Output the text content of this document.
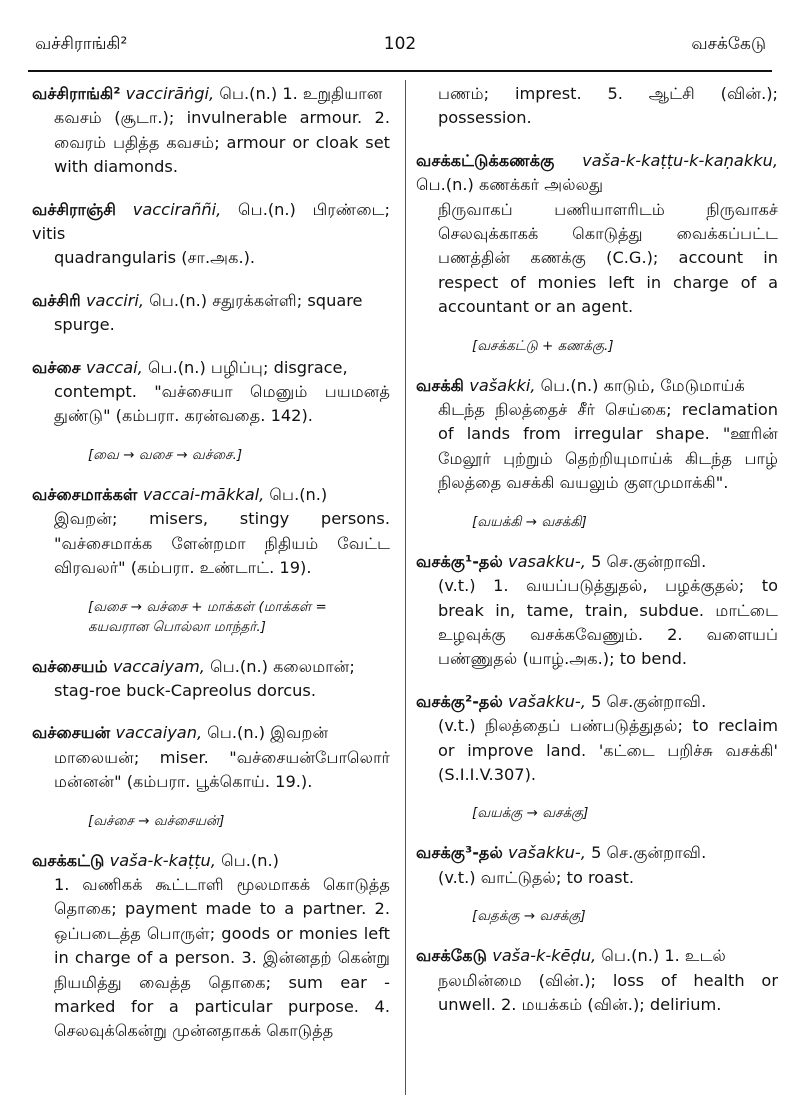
வச்சிராங்கி²	102	வசக்கேடு
வச்சிராங்கி² vaccirāṅgi, பெ.(n.) 1. உறுதியான
கவசம் (சூடா.); invulnerable armour. 2. வைரம் பதித்த கவசம்; armour or cloak set with diamonds.
வச்சிராஞ்சி vacciraññi, பெ.(n.) பிரண்டை; vitis
quadrangularis (சா.அக.).
வச்சிரி vacciri, பெ.(n.) சதுரக்கள்ளி; square
spurge.
வச்சை vaccai, பெ.(n.) பழிப்பு; disgrace,
contempt. "வச்சையா மெனும் பயமனத் துண்டு" (கம்பரா. கரன்வதை. 142).
[வை → வசை → வச்சை.]
வச்சைமாக்கள் vaccai-mākkal, பெ.(n.)
இவறன்; misers, stingy persons. "வச்சைமாக்க ளேன்றமா நிதியம் வேட்ட விரவலர்" (கம்பரா. உண்டாட். 19).
[வசை → வச்சை + மாக்கள் (மாக்கள் = கயவரான பொல்லா மாந்தர்.]
வச்சையம் vaccaiyam, பெ.(n.) கலைமான்;
stag-roe buck-Capreolus dorcus.
வச்சையன் vaccaiyan, பெ.(n.) இவறன்
மாலையன்; miser. "வச்சையன்போலொர் மன்னன்" (கம்பரா. பூக்கொய். 19.).
[வச்சை → வச்சையன்]
வசக்கட்டு vaša-k-kaṭṭu, பெ.(n.)
1. வணிகக் கூட்டாளி மூலமாகக் கொடுத்த தொகை; payment made to a partner. 2. ஒப்படைத்த பொருள்; goods or monies left in charge of a person. 3. இன்னதற் கென்று நியமித்து வைத்த தொகை; sum ear - marked for a particular purpose. 4. செலவுக்கென்று முன்னதாகக் கொடுத்த
பணம்; imprest. 5. ஆட்சி (வின்.); possession.
வசக்கட்டுக்கணக்கு vaša-k-kaṭṭu-k-kaṇakku, பெ.(n.) கணக்கர் அல்லது
நிருவாகப் பணியாளரிடம் நிருவாகச் செலவுக்காகக் கொடுத்து வைக்கப்பட்ட பணத்தின் கணக்கு (C.G.); account in respect of monies left in charge of a accountant or an agent.
[வசக்கட்டு + கணக்கு.]
வசக்கி vašakki, பெ.(n.) காடும், மேடுமாய்க்
கிடந்த நிலத்தைச் சீர் செய்கை; reclamation of lands from irregular shape. "ஊரின் மேலூர் புற்றும் தெற்றியுமாய்க் கிடந்த பாழ் நிலத்தை வசக்கி வயலும் குளமுமாக்கி".
[வயக்கி → வசக்கி]
வசக்கு¹-தல் vasakku-, 5 செ.குன்றாவி.
(v.t.) 1. வயப்படுத்துதல், பழக்குதல்; to break in, tame, train, subdue. மாட்டை உழவுக்கு வசக்கவேணும். 2. வளையப் பண்ணுதல் (யாழ்.அக.); to bend.
வசக்கு²-தல் vašakku-, 5 செ.குன்றாவி.
(v.t.) நிலத்தைப் பண்படுத்துதல்; to reclaim or improve land. 'கட்டை பறிச்சு வசக்கி' (S.I.I.V.307).
[வயக்கு → வசக்கு]
வசக்கு³-தல் vašakku-, 5 செ.குன்றாவி.
(v.t.) வாட்டுதல்; to roast.
[வதக்கு → வசக்கு]
வசக்கேடு vaša-k-kēḍu, பெ.(n.) 1. உடல்
நலமின்மை (வின்.); loss of health or unwell. 2. மயக்கம் (வின்.); delirium.
